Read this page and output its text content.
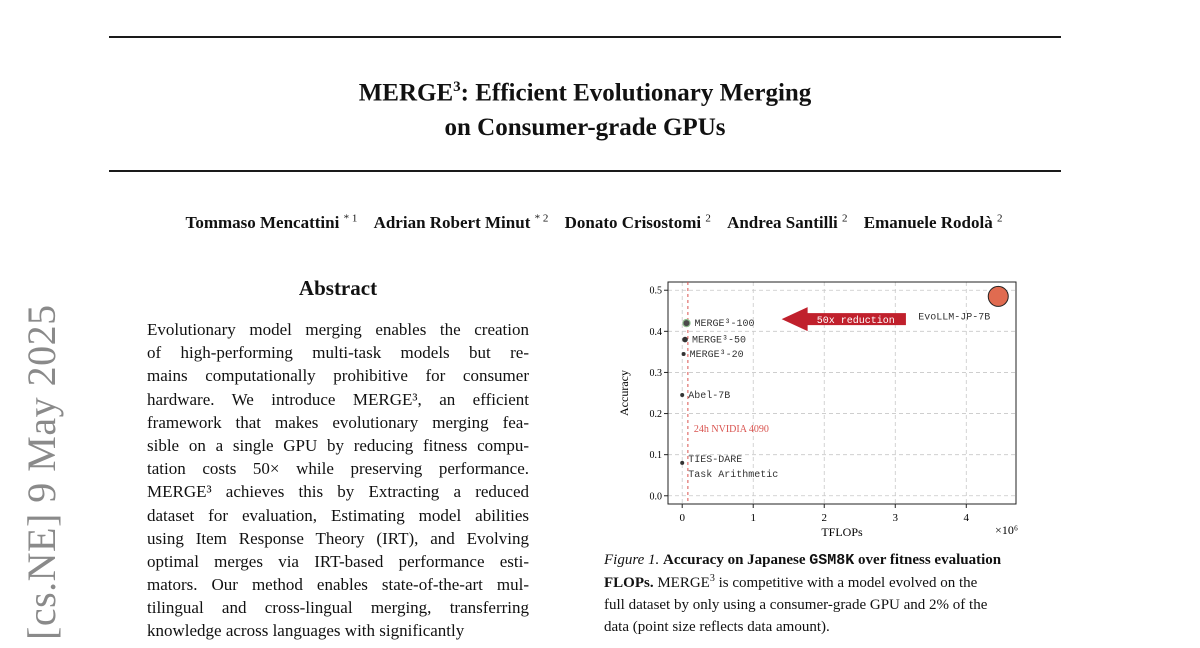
MERGE$^3$: Efficient Evolutionary Merging
on Consumer-grade GPUs
Tommaso Mencattini $^{* 1}$ Adrian Robert Minut $^{* 2}$ Donato Crisostomi $^2$ Andrea Santilli $^2$ Emanuele Rodolà $^2$
[cs.NE] 9 May 2025
Abstract
Evolutionary model merging enables the creation
of high-performing multi-task models but re-
mains computationally prohibitive for consumer
hardware. We introduce MERGE³, an efficient
framework that makes evolutionary merging fea-
sible on a single GPU by reducing fitness compu-
tation costs 50× while preserving performance.
MERGE³ achieves this by Extracting a reduced
dataset for evaluation, Estimating model abilities
using Item Response Theory (IRT), and Evolving
optimal merges via IRT-based performance esti-
mators. Our method enables state-of-the-art mul-
tilingual and cross-lingual merging, transferring
knowledge across languages with significantly
0	1	2	3	4
0.0
0.1
0.2
0.3
0.4
0.5
24h NVIDIA 4090
50x reduction
MERGE³-100
MERGE³-50
MERGE³-20
Abel-7B
TIES-DARE
Task Arithmetic
EvoLLM-JP-7B
TFLOPs
Accuracy
×10⁶
Figure 1. Accuracy on Japanese GSM8K over fitness evaluation
FLOPs. MERGE$^3$ is competitive with a model evolved on the
full dataset by only using a consumer-grade GPU and 2% of the
data (point size reflects data amount).
